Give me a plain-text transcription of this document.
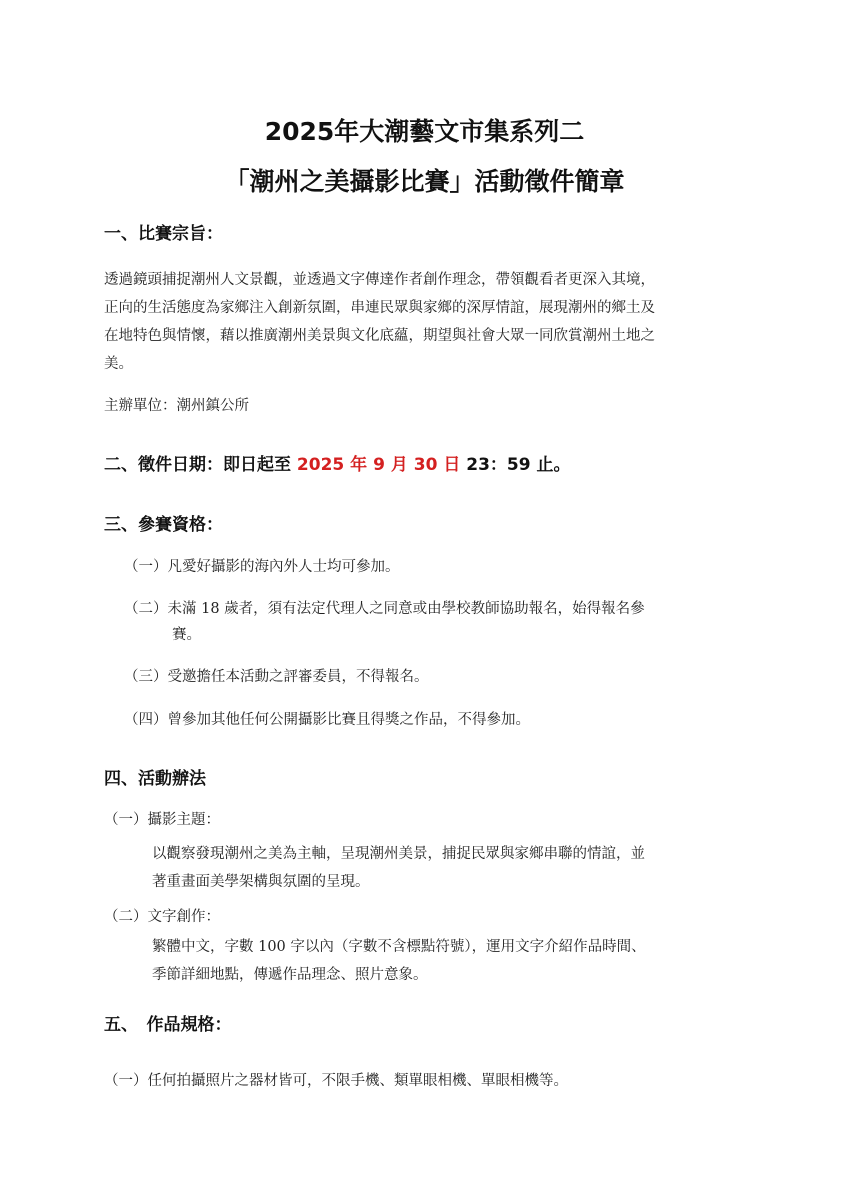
2025年大潮藝文市集系列二
「潮州之美攝影比賽」活動徵件簡章
一、比賽宗旨：
透過鏡頭捕捉潮州人文景觀，並透過文字傳達作者創作理念，帶領觀看者更深入其境，
正向的生活態度為家鄉注入創新氛圍，串連民眾與家鄉的深厚情誼，展現潮州的鄉土及
在地特色與情懷，藉以推廣潮州美景與文化底蘊，期望與社會大眾一同欣賞潮州土地之
美。
主辦單位：潮州鎮公所
二、徵件日期：即日起至 2025 年 9 月 30 日 23：59 止。
三、參賽資格：
（一）凡愛好攝影的海內外人士均可參加。
（二）未滿 18 歲者，須有法定代理人之同意或由學校教師協助報名，始得報名參
賽。
（三）受邀擔任本活動之評審委員，不得報名。
（四）曾參加其他任何公開攝影比賽且得獎之作品，不得參加。
四、活動辦法
（一）攝影主題：
以觀察發現潮州之美為主軸，呈現潮州美景，捕捉民眾與家鄉串聯的情誼，並
著重畫面美學架構與氛圍的呈現。
（二）文字創作：
繁體中文，字數 100 字以內（字數不含標點符號），運用文字介紹作品時間、
季節詳細地點，傳遞作品理念、照片意象。
五、　作品規格：
（一）任何拍攝照片之器材皆可，不限手機、類單眼相機、單眼相機等。
